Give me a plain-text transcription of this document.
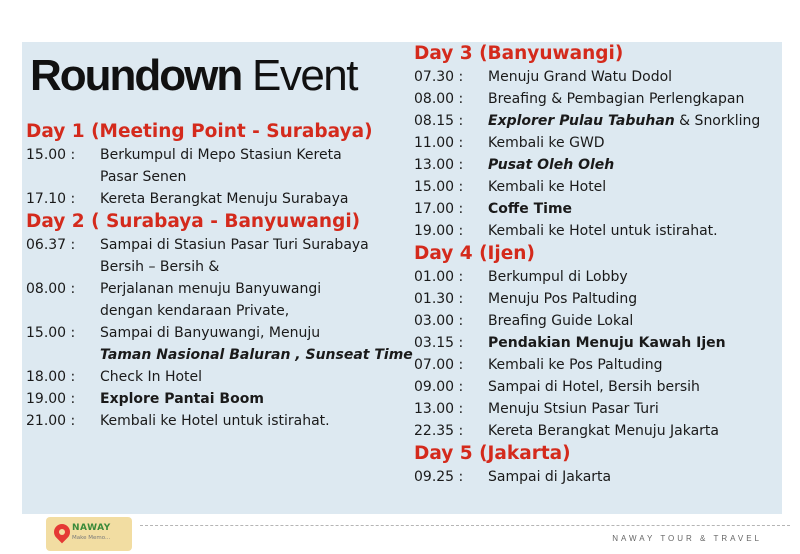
Roundown Event
Day 1 (Meeting Point - Surabaya)
15.00 :	Berkumpul di Mepo Stasiun Kereta
Pasar Senen
17.10 :	Kereta Berangkat Menuju Surabaya
Day 2 ( Surabaya - Banyuwangi)
06.37 :	Sampai di Stasiun Pasar Turi Surabaya
Bersih – Bersih &
08.00 :	Perjalanan menuju Banyuwangi
dengan kendaraan Private,
15.00 :	Sampai di Banyuwangi, Menuju
Taman Nasional Baluran , Sunseat Time
18.00 :	Check In Hotel
19.00 :	Explore Pantai Boom
21.00 :	Kembali ke Hotel untuk istirahat.
Day 3 (Banyuwangi)
07.30 :	Menuju Grand Watu Dodol
08.00 :	Breafing & Pembagian Perlengkapan
08.15 :	Explorer Pulau Tabuhan & Snorkling
11.00 :	Kembali ke GWD
13.00 :	Pusat Oleh Oleh
15.00 :	Kembali ke Hotel
17.00 :	Coffe Time
19.00 :	Kembali ke Hotel untuk istirahat.
Day 4 (Ijen)
01.00 :	Berkumpul di Lobby
01.30 :	Menuju Pos Paltuding
03.00 :	Breafing Guide Lokal
03.15 :	Pendakian Menuju Kawah Ijen
07.00 :	Kembali ke Pos Paltuding
09.00 :	Sampai di Hotel, Bersih bersih
13.00 :	Menuju Stsiun Pasar Turi
22.35 :	Kereta Berangkat Menuju Jakarta
Day 5 (Jakarta)
09.25 :	Sampai di Jakarta
NAWAY
Make Memo...	NAWAY TOUR & TRAVEL
